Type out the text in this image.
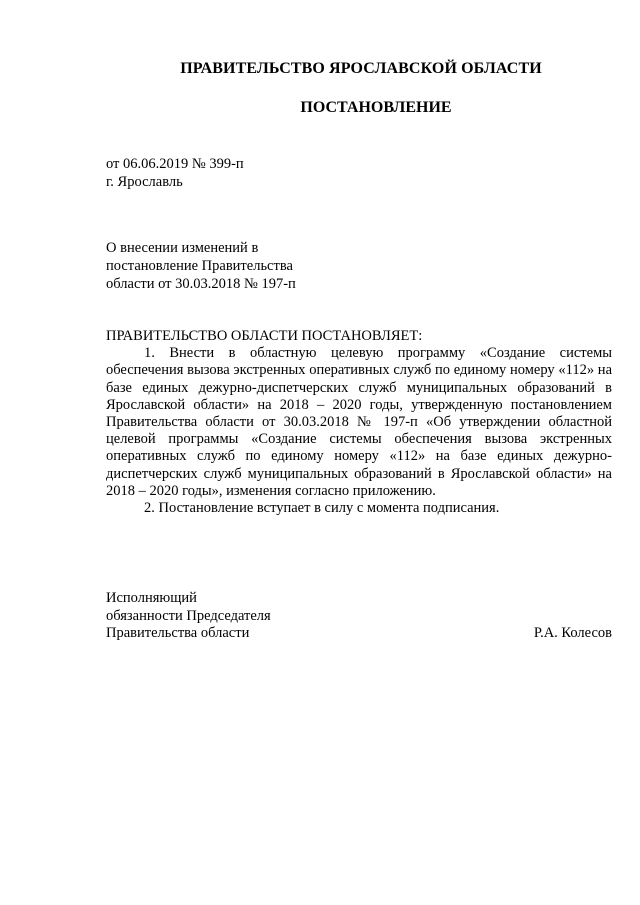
ПРАВИТЕЛЬСТВО ЯРОСЛАВСКОЙ ОБЛАСТИ
ПОСТАНОВЛЕНИЕ
от 06.06.2019 № 399-п
г. Ярославль
О внесении изменений в
постановление Правительства
области от 30.03.2018 № 197-п
ПРАВИТЕЛЬСТВО ОБЛАСТИ ПОСТАНОВЛЯЕТ:

1. Внести в областную целевую программу «Создание системы обеспечения вызова экстренных оперативных служб по единому номеру «112» на базе единых дежурно-диспетчерских служб муниципальных образований в Ярославской области» на 2018 – 2020 годы, утвержденную постановлением Правительства области от 30.03.2018 № 197-п «Об утверждении областной целевой программы «Создание системы обеспечения вызова экстренных оперативных служб по единому номеру «112» на базе единых дежурно-диспетчерских служб муниципальных образований в Ярославской области» на 2018 – 2020 годы», изменения согласно приложению.

2. Постановление вступает в силу с момента подписания.

Исполняющий
обязанности Председателя
Правительства области	Р.А. Колесов
